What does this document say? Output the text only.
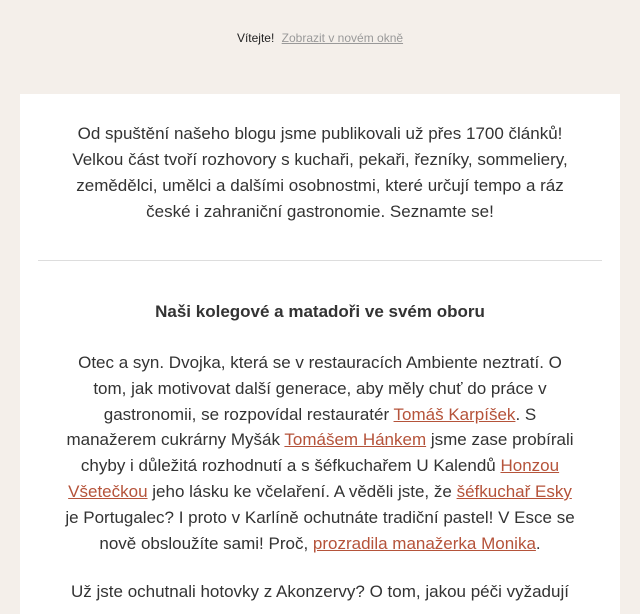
Vítejte! Zobrazit v novém okně

Od spuštění našeho blogu jsme publikovali už přes 1700 článků! Velkou část tvoří rozhovory s kuchaři, pekaři, řezníky, sommeliery, zemědělci, umělci a dalšími osobnostmi, které určují tempo a ráz české i zahraniční gastronomie. Seznamte se!

Naši kolegové a matadoři ve svém oboru

Otec a syn. Dvojka, která se v restauracích Ambiente neztratí. O tom, jak motivovat další generace, aby měly chuť do práce v gastronomii, se rozpovídal restauratér Tomáš Karpíšek. S manažerem cukrárny Myšák Tomášem Hánkem jsme zase probírali chyby i důležitá rozhodnutí a s šéfkuchařem U Kalendů Honzou Všetečkou jeho lásku ke včelaření. A věděli jste, že šéfkuchař Esky je Portugalec? I proto v Karlíně ochutnáte tradiční pastel! V Esce se nově obsloužíte sami! Proč, prozradila manažerka Monika.

Už jste ochutnali hotovky z Akonzervy? O tom, jakou péči vyžadují
